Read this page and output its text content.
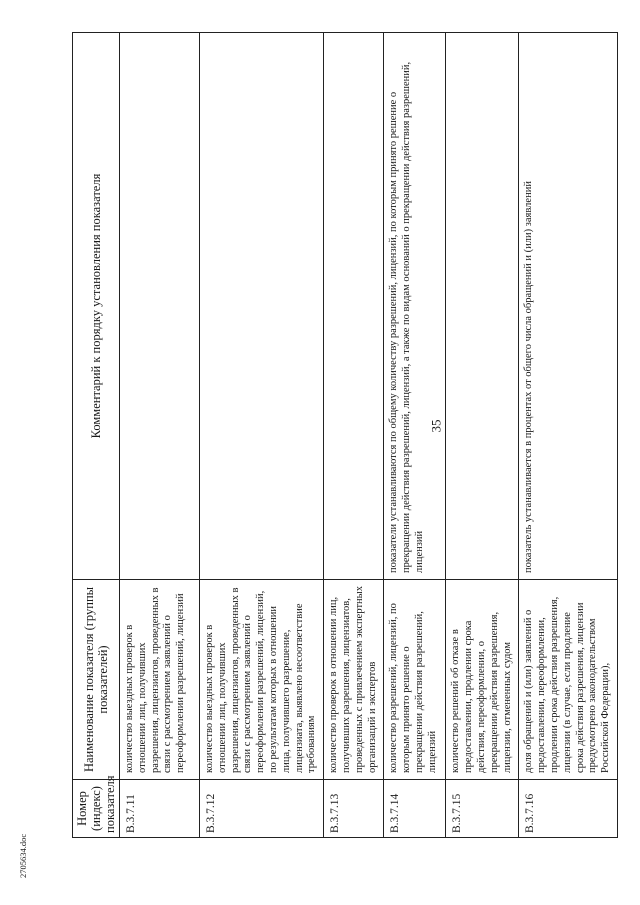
35
2705634.doc
Номер (индекс) показателя	Наименование показателя (группы показателей)	Комментарий к порядку установления показателя
В.3.7.11	количество выездных проверок в отношении лиц, получивших разрешения, лицензиатов, проведенных в связи с рассмотрением заявлений о переоформлении разрешений, лицензий	
В.3.7.12	количество выездных проверок в отношении лиц, получивших разрешения, лицензиатов, проведенных в связи с рассмотрением заявлений о переоформлении разрешений, лицензий, по результатам которых в отношении лица, получившего разрешение, лицензиата, выявлено несоответствие требованиям	
В.3.7.13	количество проверок в отношении лиц, получивших разрешения, лицензиатов, проведенных с привлечением экспертных организаций и экспертов	
В.3.7.14	количество разрешений, лицензий, по которым принято решение о прекращении действия разрешений, лицензий	показатели устанавливаются по общему количеству разрешений, лицензий, по которым принято решение о прекращении действия разрешений, лицензий, а также по видам оснований о прекращении действия разрешений, лицензий
В.3.7.15	количество решений об отказе в предоставлении, продлении срока действия, переоформлении, о прекращении действия разрешения, лицензии, отмененных судом	
В.3.7.16	доля обращений и (или) заявлений о предоставлении, переоформлении, продлении срока действия разрешения, лицензии (в случае, если продление срока действия разрешения, лицензии предусмотрено законодательством Российской Федерации),	показатель устанавливается в процентах от общего числа обращений и (или) заявлений
